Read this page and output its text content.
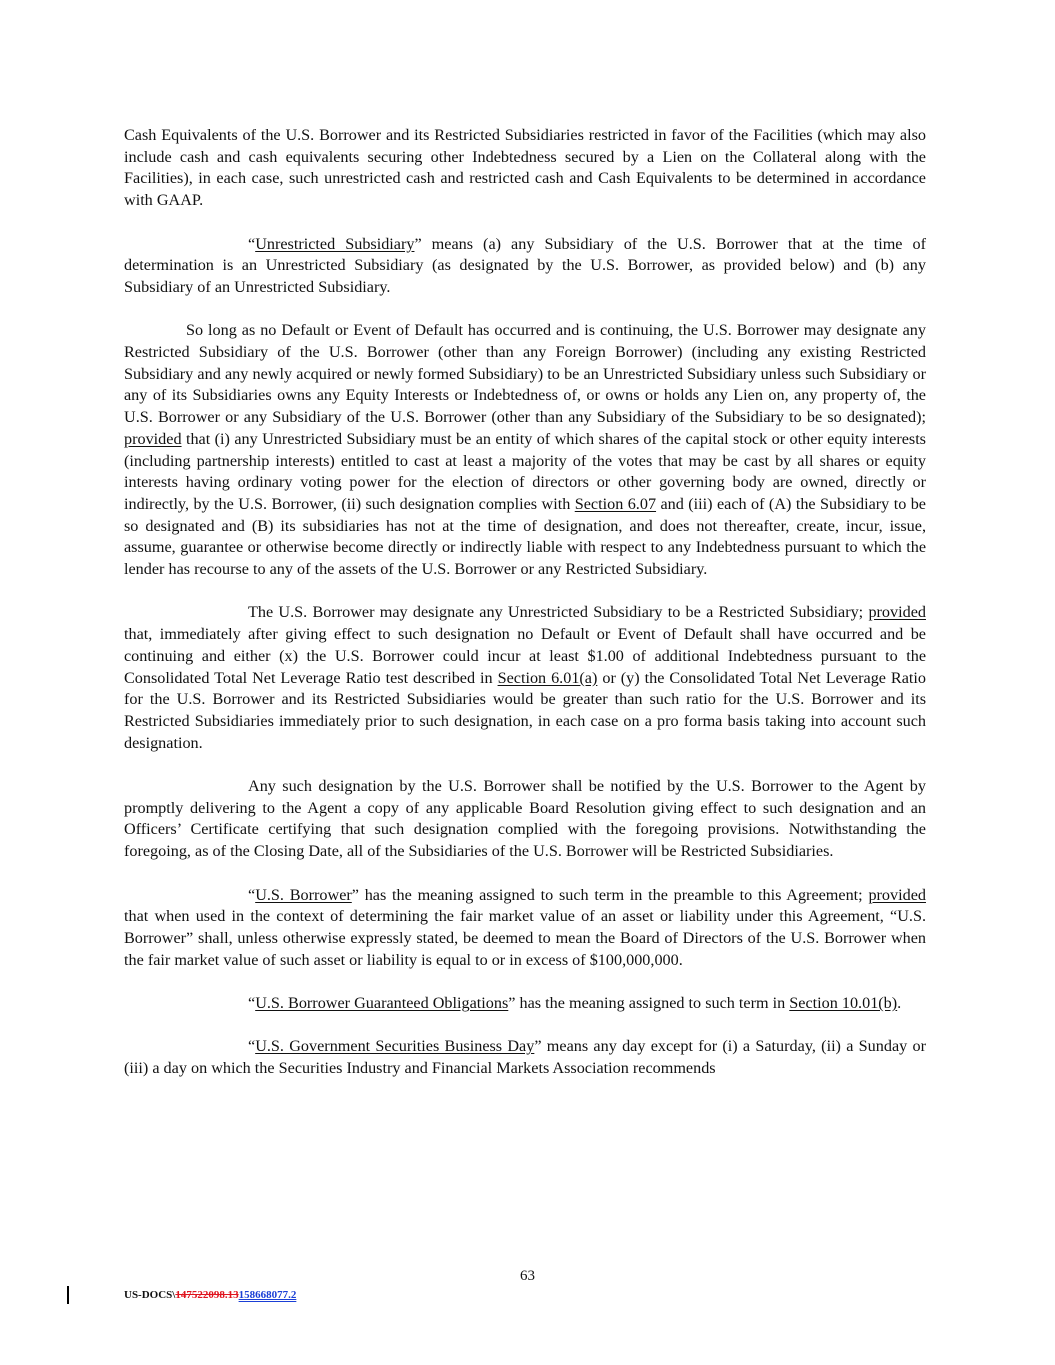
Cash Equivalents of the U.S. Borrower and its Restricted Subsidiaries restricted in favor of the Facilities (which may also include cash and cash equivalents securing other Indebtedness secured by a Lien on the Collateral along with the Facilities), in each case, such unrestricted cash and restricted cash and Cash Equivalents to be determined in accordance with GAAP.

“Unrestricted Subsidiary” means (a) any Subsidiary of the U.S. Borrower that at the time of determination is an Unrestricted Subsidiary (as designated by the U.S. Borrower, as provided below) and (b) any Subsidiary of an Unrestricted Subsidiary.

So long as no Default or Event of Default has occurred and is continuing, the U.S. Borrower may designate any Restricted Subsidiary of the U.S. Borrower (other than any Foreign Borrower) (including any existing Restricted Subsidiary and any newly acquired or newly formed Subsidiary) to be an Unrestricted Subsidiary unless such Subsidiary or any of its Subsidiaries owns any Equity Interests or Indebtedness of, or owns or holds any Lien on, any property of, the U.S. Borrower or any Subsidiary of the U.S. Borrower (other than any Subsidiary of the Subsidiary to be so designated); provided that (i) any Unrestricted Subsidiary must be an entity of which shares of the capital stock or other equity interests (including partnership interests) entitled to cast at least a majority of the votes that may be cast by all shares or equity interests having ordinary voting power for the election of directors or other governing body are owned, directly or indirectly, by the U.S. Borrower, (ii) such designation complies with Section 6.07 and (iii) each of (A) the Subsidiary to be so designated and (B) its subsidiaries has not at the time of designation, and does not thereafter, create, incur, issue, assume, guarantee or otherwise become directly or indirectly liable with respect to any Indebtedness pursuant to which the lender has recourse to any of the assets of the U.S. Borrower or any Restricted Subsidiary.

The U.S. Borrower may designate any Unrestricted Subsidiary to be a Restricted Subsidiary; provided that, immediately after giving effect to such designation no Default or Event of Default shall have occurred and be continuing and either (x) the U.S. Borrower could incur at least $1.00 of additional Indebtedness pursuant to the Consolidated Total Net Leverage Ratio test described in Section 6.01(a) or (y) the Consolidated Total Net Leverage Ratio for the U.S. Borrower and its Restricted Subsidiaries would be greater than such ratio for the U.S. Borrower and its Restricted Subsidiaries immediately prior to such designation, in each case on a pro forma basis taking into account such designation.

Any such designation by the U.S. Borrower shall be notified by the U.S. Borrower to the Agent by promptly delivering to the Agent a copy of any applicable Board Resolution giving effect to such designation and an Officers’ Certificate certifying that such designation complied with the foregoing provisions. Notwithstanding the foregoing, as of the Closing Date, all of the Subsidiaries of the U.S. Borrower will be Restricted Subsidiaries.

“U.S. Borrower” has the meaning assigned to such term in the preamble to this Agreement; provided that when used in the context of determining the fair market value of an asset or liability under this Agreement, “U.S. Borrower” shall, unless otherwise expressly stated, be deemed to mean the Board of Directors of the U.S. Borrower when the fair market value of such asset or liability is equal to or in excess of $100,000,000.

“U.S. Borrower Guaranteed Obligations” has the meaning assigned to such term in Section 10.01(b).

“U.S. Government Securities Business Day” means any day except for (i) a Saturday, (ii) a Sunday or (iii) a day on which the Securities Industry and Financial Markets Association recommends

63
US-DOCS\147522098.13158668077.2
